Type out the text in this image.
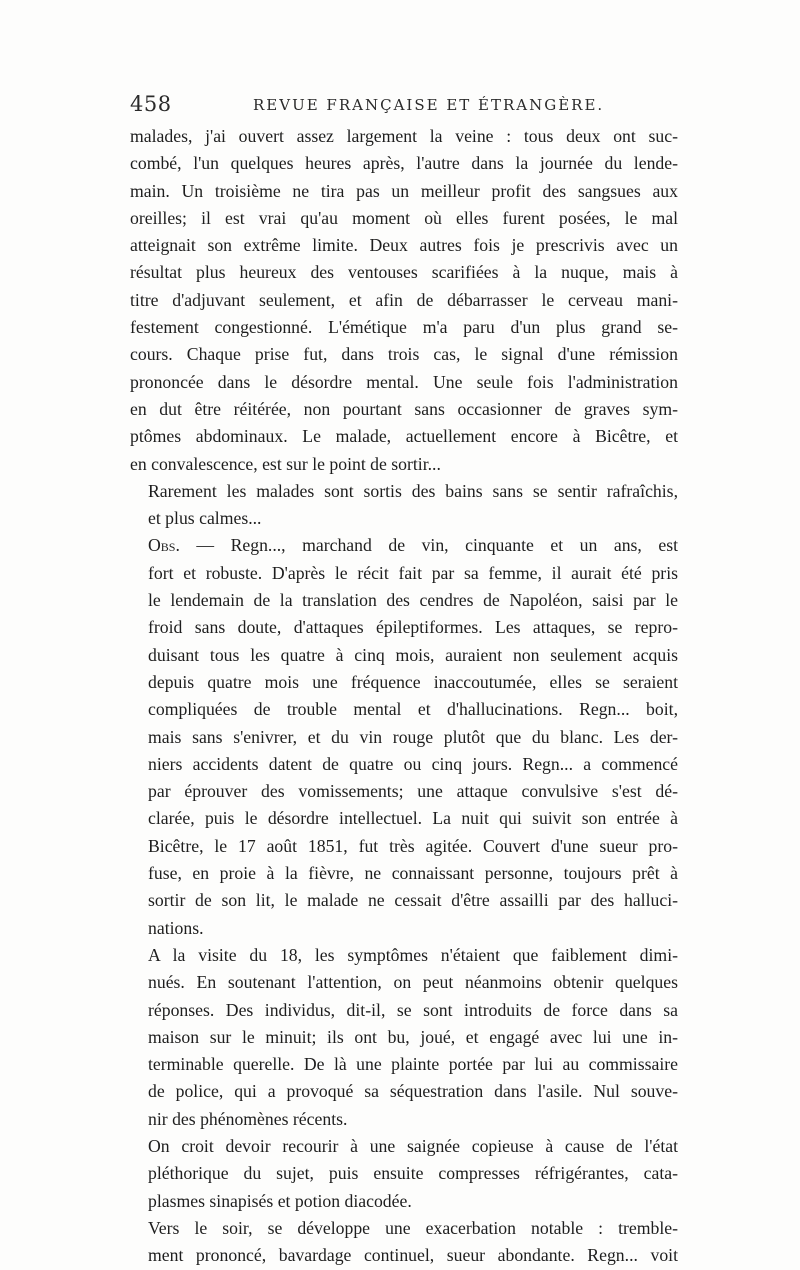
458	REVUE FRANÇAISE ET ÉTRANGÈRE.

malades, j'ai ouvert assez largement la veine : tous deux ont suc-
combé, l'un quelques heures après, l'autre dans la journée du lende-
main. Un troisième ne tira pas un meilleur profit des sangsues aux
oreilles; il est vrai qu'au moment où elles furent posées, le mal
atteignait son extrême limite. Deux autres fois je prescrivis avec un
résultat plus heureux des ventouses scarifiées à la nuque, mais à
titre d'adjuvant seulement, et afin de débarrasser le cerveau mani-
festement congestionné. L'émétique m'a paru d'un plus grand se-
cours. Chaque prise fut, dans trois cas, le signal d'une rémission
prononcée dans le désordre mental. Une seule fois l'administration
en dut être réitérée, non pourtant sans occasionner de graves sym-
ptômes abdominaux. Le malade, actuellement encore à Bicêtre, et
en convalescence, est sur le point de sortir...

Rarement les malades sont sortis des bains sans se sentir rafraîchis,
et plus calmes...

Obs. — Regn..., marchand de vin, cinquante et un ans, est
fort et robuste. D'après le récit fait par sa femme, il aurait été pris
le lendemain de la translation des cendres de Napoléon, saisi par le
froid sans doute, d'attaques épileptiformes. Les attaques, se repro-
duisant tous les quatre à cinq mois, auraient non seulement acquis
depuis quatre mois une fréquence inaccoutumée, elles se seraient
compliquées de trouble mental et d'hallucinations. Regn... boit,
mais sans s'enivrer, et du vin rouge plutôt que du blanc. Les der-
niers accidents datent de quatre ou cinq jours. Regn... a commencé
par éprouver des vomissements; une attaque convulsive s'est dé-
clarée, puis le désordre intellectuel. La nuit qui suivit son entrée à
Bicêtre, le 17 août 1851, fut très agitée. Couvert d'une sueur pro-
fuse, en proie à la fièvre, ne connaissant personne, toujours prêt à
sortir de son lit, le malade ne cessait d'être assailli par des halluci-
nations.

A la visite du 18, les symptômes n'étaient que faiblement dimi-
nués. En soutenant l'attention, on peut néanmoins obtenir quelques
réponses. Des individus, dit-il, se sont introduits de force dans sa
maison sur le minuit; ils ont bu, joué, et engagé avec lui une in-
terminable querelle. De là une plainte portée par lui au commissaire
de police, qui a provoqué sa séquestration dans l'asile. Nul souve-
nir des phénomènes récents.

On croit devoir recourir à une saignée copieuse à cause de l'état
pléthorique du sujet, puis ensuite compresses réfrigérantes, cata-
plasmes sinapisés et potion diacodée.

Vers le soir, se développe une exacerbation notable : tremble-
ment prononcé, bavardage continuel, sueur abondante. Regn... voit
